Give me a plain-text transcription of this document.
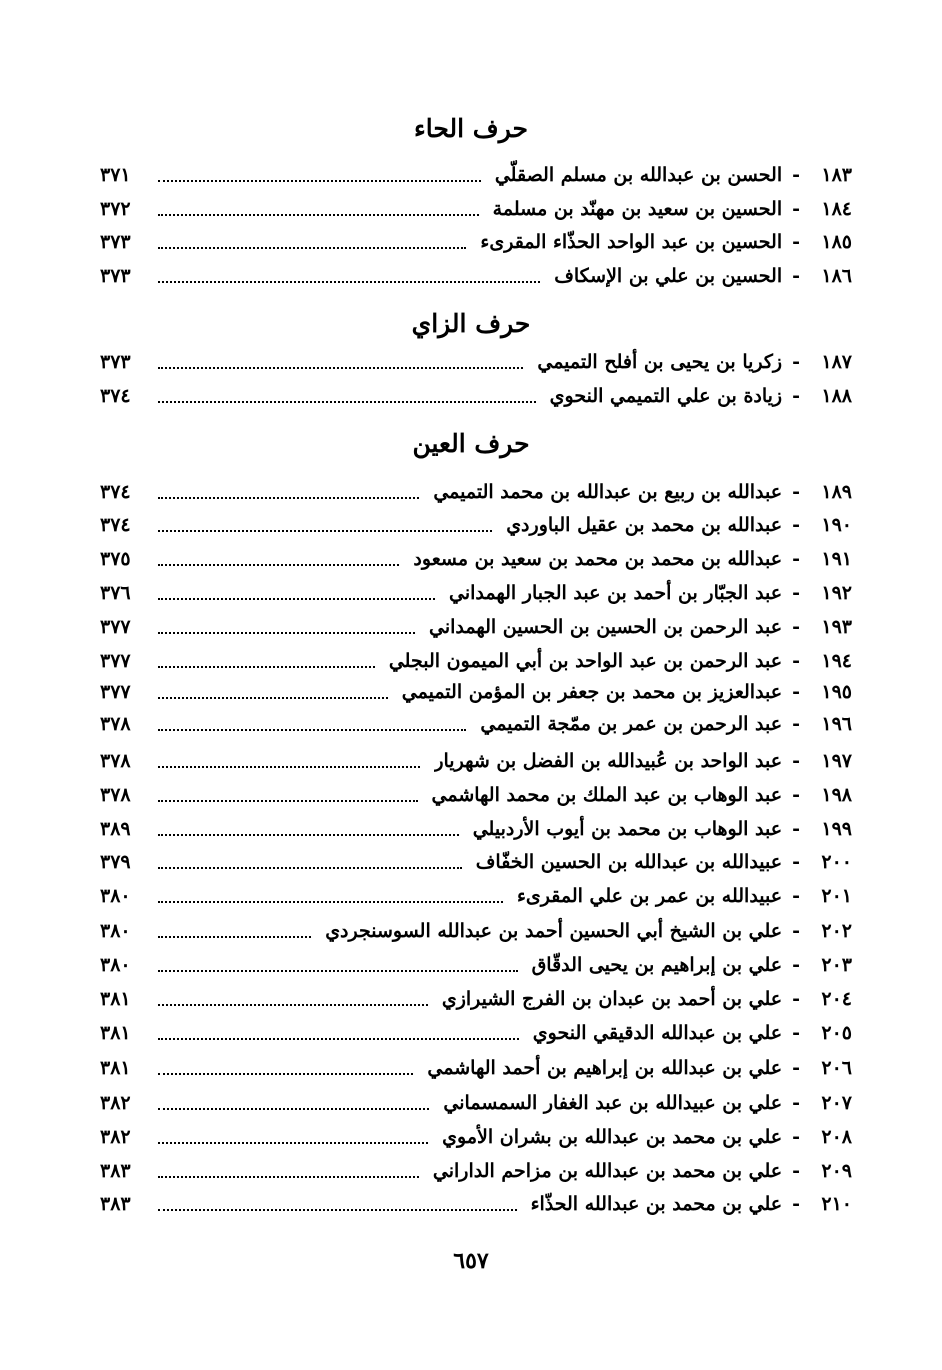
حرف الحاء
١٨٣
-
الحسن بن عبدالله بن مسلم الصقلّي
٣٧١
١٨٤
-
الحسين بن سعيد بن مهنّد بن مسلمة
٣٧٢
١٨٥
-
الحسين بن عبد الواحد الحذّاء المقرىء
٣٧٣
١٨٦
-
الحسين بن علي بن الإسكاف
٣٧٣
حرف الزاي
١٨٧
-
زكريا بن يحيى بن أفلح التميمي
٣٧٣
١٨٨
-
زيادة بن علي التميمي النحوي
٣٧٤
حرف العين
١٨٩
-
عبدالله بن ربيع بن عبدالله بن محمد التميمي
٣٧٤
١٩٠
-
عبدالله بن محمد بن عقيل الباوردي
٣٧٤
١٩١
-
عبدالله بن محمد بن محمد بن سعيد بن مسعود
٣٧٥
١٩٢
-
عبد الجبّار بن أحمد بن عبد الجبار الهمداني
٣٧٦
١٩٣
-
عبد الرحمن بن الحسين بن الحسين الهمداني
٣٧٧
١٩٤
-
عبد الرحمن بن عبد الواحد بن أبي الميمون البجلي
٣٧٧
١٩٥
-
عبدالعزيز بن محمد بن جعفر بن المؤمن التميمي
٣٧٧
١٩٦
-
عبد الرحمن بن عمر بن ممّجة التميمي
٣٧٨
١٩٧
-
عبد الواحد بن عُبيدالله بن الفضل بن شهريار
٣٧٨
١٩٨
-
عبد الوهاب بن عبد الملك بن محمد الهاشمي
٣٧٨
١٩٩
-
عبد الوهاب بن محمد بن أيوب الأردبيلي
٣٨٩
٢٠٠
-
عبيدالله بن عبدالله بن الحسين الخفّاف
٣٧٩
٢٠١
-
عبيدالله بن عمر بن علي المقرىء
٣٨٠
٢٠٢
-
علي بن الشيخ أبي الحسين أحمد بن عبدالله السوسنجردي
٣٨٠
٢٠٣
-
علي بن إبراهيم بن يحيى الدقّاق
٣٨٠
٢٠٤
-
علي بن أحمد بن عبدان بن الفرج الشيرازي
٣٨١
٢٠٥
-
علي بن عبدالله الدقيقي النحوي
٣٨١
٢٠٦
-
علي بن عبدالله بن إبراهيم بن أحمد الهاشمي
٣٨١
٢٠٧
-
علي بن عبيدالله بن عبد الغفار السمسماني
٣٨٢
٢٠٨
-
علي بن محمد بن عبدالله بن بشران الأموي
٣٨٢
٢٠٩
-
علي بن محمد بن عبدالله بن مزاحم الداراني
٣٨٣
٢١٠
-
علي بن محمد بن عبدالله الحذّاء
٣٨٣
٦٥٧
